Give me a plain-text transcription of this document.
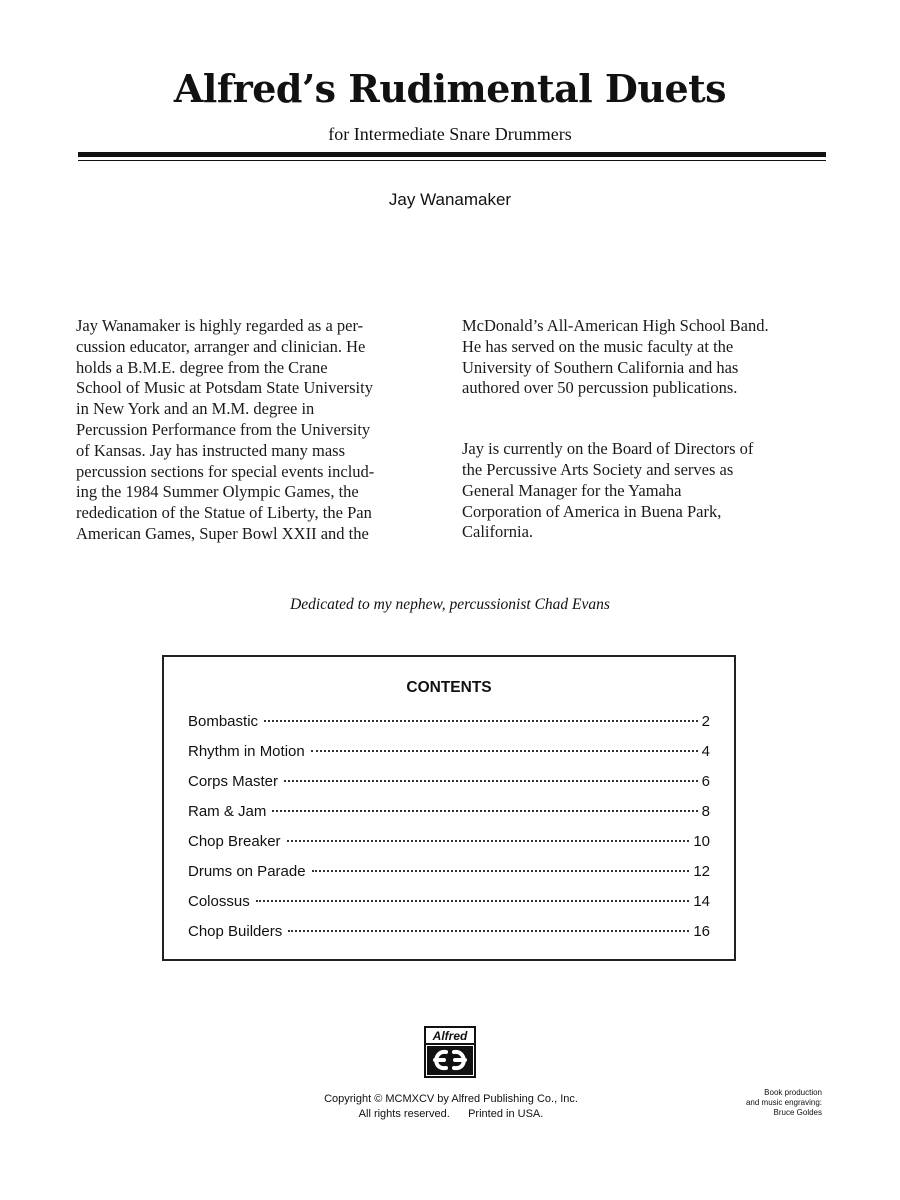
Alfred’s Rudimental Duets
for Intermediate Snare Drummers
Jay Wanamaker
Jay Wanamaker is highly regarded as a per-
cussion educator, arranger and clinician. He
holds a B.M.E. degree from the Crane
School of Music at Potsdam State University
in New York and an M.M. degree in
Percussion Performance from the University
of Kansas. Jay has instructed many mass
percussion sections for special events includ-
ing the 1984 Summer Olympic Games, the
rededication of the Statue of Liberty, the Pan
American Games, Super Bowl XXII and the
McDonald’s All-American High School Band.
He has served on the music faculty at the
University of Southern California and has
authored over 50 percussion publications.
Jay is currently on the Board of Directors of
the Percussive Arts Society and serves as
General Manager for the Yamaha
Corporation of America in Buena Park,
California.
Dedicated to my nephew, percussionist Chad Evans
CONTENTS
Bombastic	2
Rhythm in Motion	4
Corps Master	6
Ram & Jam	8
Chop Breaker	10
Drums on Parade	12
Colossus	14
Chop Builders	16
Alfred
Copyright © MCMXCV by Alfred Publishing Co., Inc.
All rights reserved.      Printed in USA.
Book production
and music engraving:
Bruce Goldes
